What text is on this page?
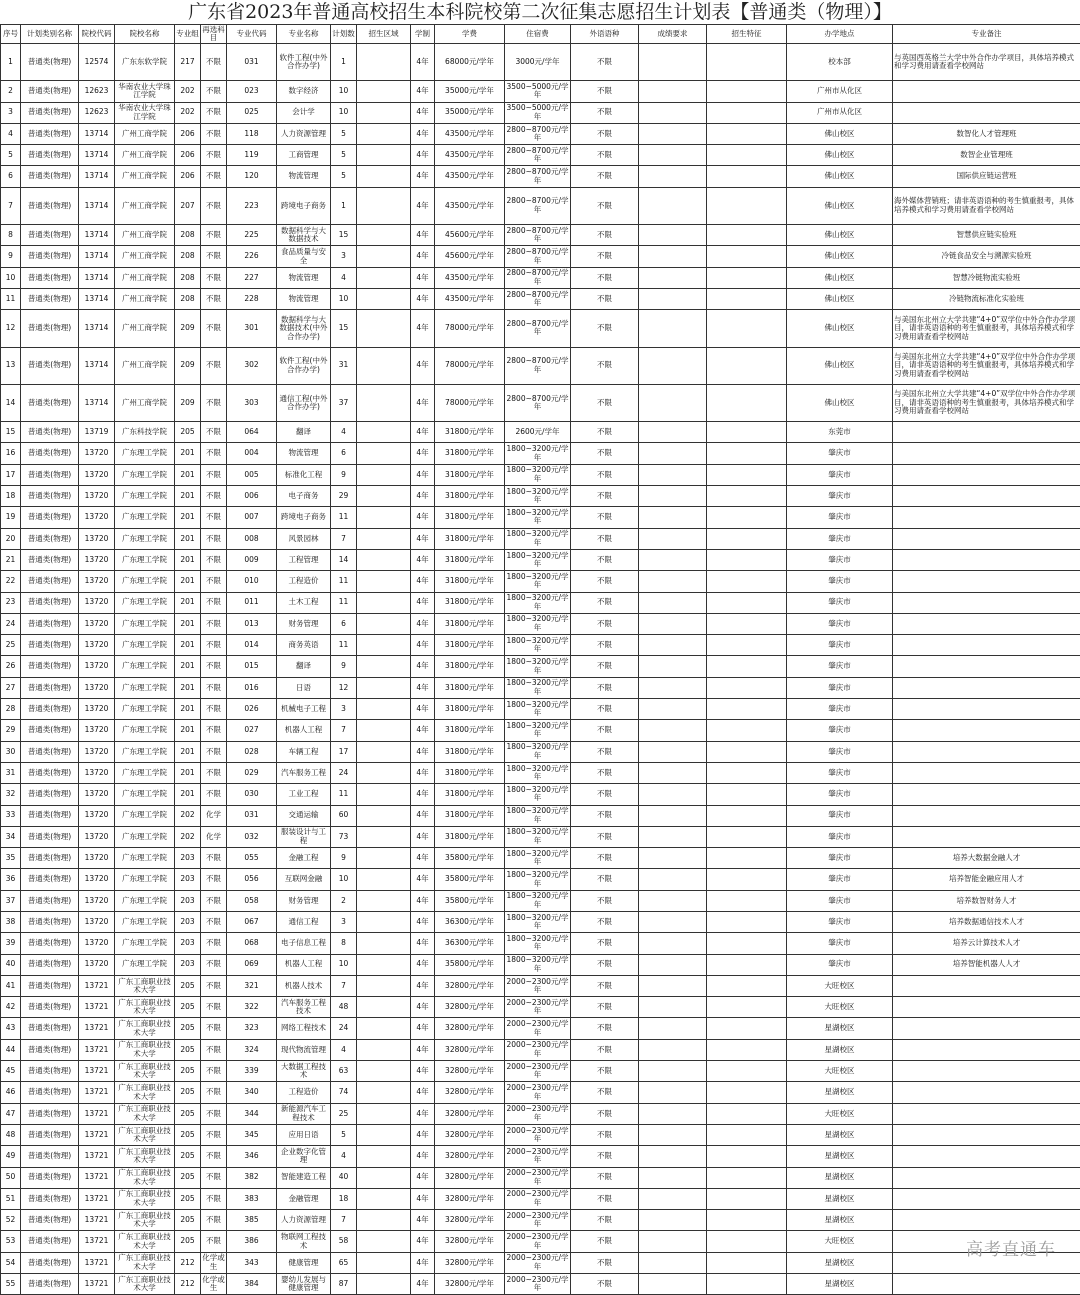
广东省2023年普通高校招生本科院校第二次征集志愿招生计划表【普通类（物理）】
序号	计划类别名称	院校代码	院校名称	专业组	再选科目	专业代码	专业名称	计划数	招生区域	学制	学费	住宿费	外语语种	成绩要求	招生特征	办学地点	专业备注
1	普通类(物理)	12574	广东东软学院	217	不限	031	软件工程(中外合作办学)	1		4年	68000元/学年	3000元/学年	不限			校本部	与英国西英格兰大学中外合作办学项目，具体培养模式和学习费用请查看学校网站
2	普通类(物理)	12623	华南农业大学珠江学院	202	不限	023	数字经济	10		4年	35000元/学年	3500~5000元/学年	不限			广州市从化区	
3	普通类(物理)	12623	华南农业大学珠江学院	202	不限	025	会计学	10		4年	35000元/学年	3500~5000元/学年	不限			广州市从化区	
4	普通类(物理)	13714	广州工商学院	206	不限	118	人力资源管理	5		4年	43500元/学年	2800~8700元/学年	不限			佛山校区	数智化人才管理班
5	普通类(物理)	13714	广州工商学院	206	不限	119	工商管理	5		4年	43500元/学年	2800~8700元/学年	不限			佛山校区	数智企业管理班
6	普通类(物理)	13714	广州工商学院	206	不限	120	物流管理	5		4年	43500元/学年	2800~8700元/学年	不限			佛山校区	国际供应链运营班
7	普通类(物理)	13714	广州工商学院	207	不限	223	跨境电子商务	1		4年	43500元/学年	2800~8700元/学年	不限			佛山校区	海外媒体营销班；请非英语语种的考生慎重报考，具体培养模式和学习费用请查看学校网站
8	普通类(物理)	13714	广州工商学院	208	不限	225	数据科学与大数据技术	15		4年	45600元/学年	2800~8700元/学年	不限			佛山校区	智慧供应链实验班
9	普通类(物理)	13714	广州工商学院	208	不限	226	食品质量与安全	3		4年	45600元/学年	2800~8700元/学年	不限			佛山校区	冷链食品安全与溯源实验班
10	普通类(物理)	13714	广州工商学院	208	不限	227	物流管理	4		4年	43500元/学年	2800~8700元/学年	不限			佛山校区	智慧冷链物流实验班
11	普通类(物理)	13714	广州工商学院	208	不限	228	物流管理	10		4年	43500元/学年	2800~8700元/学年	不限			佛山校区	冷链物流标准化实验班
12	普通类(物理)	13714	广州工商学院	209	不限	301	数据科学与大数据技术(中外合作办学)	15		4年	78000元/学年	2800~8700元/学年	不限			佛山校区	与美国东北州立大学共建“4+0”双学位中外合作办学项目，请非英语语种的考生慎重报考，具体培养模式和学习费用请查看学校网站
13	普通类(物理)	13714	广州工商学院	209	不限	302	软件工程(中外合作办学)	31		4年	78000元/学年	2800~8700元/学年	不限			佛山校区	与美国东北州立大学共建“4+0”双学位中外合作办学项目，请非英语语种的考生慎重报考，具体培养模式和学习费用请查看学校网站
14	普通类(物理)	13714	广州工商学院	209	不限	303	通信工程(中外合作办学)	37		4年	78000元/学年	2800~8700元/学年	不限			佛山校区	与美国东北州立大学共建“4+0”双学位中外合作办学项目，请非英语语种的考生慎重报考，具体培养模式和学习费用请查看学校网站
15	普通类(物理)	13719	广东科技学院	205	不限	064	翻译	4		4年	31800元/学年	2600元/学年	不限			东莞市	
16	普通类(物理)	13720	广东理工学院	201	不限	004	物流管理	6		4年	31800元/学年	1800~3200元/学年	不限			肇庆市	
17	普通类(物理)	13720	广东理工学院	201	不限	005	标准化工程	9		4年	31800元/学年	1800~3200元/学年	不限			肇庆市	
18	普通类(物理)	13720	广东理工学院	201	不限	006	电子商务	29		4年	31800元/学年	1800~3200元/学年	不限			肇庆市	
19	普通类(物理)	13720	广东理工学院	201	不限	007	跨境电子商务	11		4年	31800元/学年	1800~3200元/学年	不限			肇庆市	
20	普通类(物理)	13720	广东理工学院	201	不限	008	风景园林	7		4年	31800元/学年	1800~3200元/学年	不限			肇庆市	
21	普通类(物理)	13720	广东理工学院	201	不限	009	工程管理	14		4年	31800元/学年	1800~3200元/学年	不限			肇庆市	
22	普通类(物理)	13720	广东理工学院	201	不限	010	工程造价	11		4年	31800元/学年	1800~3200元/学年	不限			肇庆市	
23	普通类(物理)	13720	广东理工学院	201	不限	011	土木工程	11		4年	31800元/学年	1800~3200元/学年	不限			肇庆市	
24	普通类(物理)	13720	广东理工学院	201	不限	013	财务管理	6		4年	31800元/学年	1800~3200元/学年	不限			肇庆市	
25	普通类(物理)	13720	广东理工学院	201	不限	014	商务英语	11		4年	31800元/学年	1800~3200元/学年	不限			肇庆市	
26	普通类(物理)	13720	广东理工学院	201	不限	015	翻译	9		4年	31800元/学年	1800~3200元/学年	不限			肇庆市	
27	普通类(物理)	13720	广东理工学院	201	不限	016	日语	12		4年	31800元/学年	1800~3200元/学年	不限			肇庆市	
28	普通类(物理)	13720	广东理工学院	201	不限	026	机械电子工程	3		4年	31800元/学年	1800~3200元/学年	不限			肇庆市	
29	普通类(物理)	13720	广东理工学院	201	不限	027	机器人工程	7		4年	31800元/学年	1800~3200元/学年	不限			肇庆市	
30	普通类(物理)	13720	广东理工学院	201	不限	028	车辆工程	17		4年	31800元/学年	1800~3200元/学年	不限			肇庆市	
31	普通类(物理)	13720	广东理工学院	201	不限	029	汽车服务工程	24		4年	31800元/学年	1800~3200元/学年	不限			肇庆市	
32	普通类(物理)	13720	广东理工学院	201	不限	030	工业工程	11		4年	31800元/学年	1800~3200元/学年	不限			肇庆市	
33	普通类(物理)	13720	广东理工学院	202	化学	031	交通运输	60		4年	31800元/学年	1800~3200元/学年	不限			肇庆市	
34	普通类(物理)	13720	广东理工学院	202	化学	032	服装设计与工程	73		4年	31800元/学年	1800~3200元/学年	不限			肇庆市	
35	普通类(物理)	13720	广东理工学院	203	不限	055	金融工程	9		4年	35800元/学年	1800~3200元/学年	不限			肇庆市	培养大数据金融人才
36	普通类(物理)	13720	广东理工学院	203	不限	056	互联网金融	10		4年	35800元/学年	1800~3200元/学年	不限			肇庆市	培养智能金融应用人才
37	普通类(物理)	13720	广东理工学院	203	不限	058	财务管理	2		4年	35800元/学年	1800~3200元/学年	不限			肇庆市	培养数智财务人才
38	普通类(物理)	13720	广东理工学院	203	不限	067	通信工程	3		4年	36300元/学年	1800~3200元/学年	不限			肇庆市	培养数据通信技术人才
39	普通类(物理)	13720	广东理工学院	203	不限	068	电子信息工程	8		4年	36300元/学年	1800~3200元/学年	不限			肇庆市	培养云计算技术人才
40	普通类(物理)	13720	广东理工学院	203	不限	069	机器人工程	10		4年	35800元/学年	1800~3200元/学年	不限			肇庆市	培养智能机器人人才
41	普通类(物理)	13721	广东工商职业技术大学	205	不限	321	机器人技术	7		4年	32800元/学年	2000~2300元/学年	不限			大旺校区	
42	普通类(物理)	13721	广东工商职业技术大学	205	不限	322	汽车服务工程技术	48		4年	32800元/学年	2000~2300元/学年	不限			大旺校区	
43	普通类(物理)	13721	广东工商职业技术大学	205	不限	323	网络工程技术	24		4年	32800元/学年	2000~2300元/学年	不限			星湖校区	
44	普通类(物理)	13721	广东工商职业技术大学	205	不限	324	现代物流管理	4		4年	32800元/学年	2000~2300元/学年	不限			星湖校区	
45	普通类(物理)	13721	广东工商职业技术大学	205	不限	339	大数据工程技术	63		4年	32800元/学年	2000~2300元/学年	不限			大旺校区	
46	普通类(物理)	13721	广东工商职业技术大学	205	不限	340	工程造价	74		4年	32800元/学年	2000~2300元/学年	不限			星湖校区	
47	普通类(物理)	13721	广东工商职业技术大学	205	不限	344	新能源汽车工程技术	25		4年	32800元/学年	2000~2300元/学年	不限			大旺校区	
48	普通类(物理)	13721	广东工商职业技术大学	205	不限	345	应用日语	5		4年	32800元/学年	2000~2300元/学年	不限			星湖校区	
49	普通类(物理)	13721	广东工商职业技术大学	205	不限	346	企业数字化管理	4		4年	32800元/学年	2000~2300元/学年	不限			星湖校区	
50	普通类(物理)	13721	广东工商职业技术大学	205	不限	382	智能建造工程	40		4年	32800元/学年	2000~2300元/学年	不限			星湖校区	
51	普通类(物理)	13721	广东工商职业技术大学	205	不限	383	金融管理	18		4年	32800元/学年	2000~2300元/学年	不限			星湖校区	
52	普通类(物理)	13721	广东工商职业技术大学	205	不限	385	人力资源管理	7		4年	32800元/学年	2000~2300元/学年	不限			星湖校区	
53	普通类(物理)	13721	广东工商职业技术大学	205	不限	386	物联网工程技术	58		4年	32800元/学年	2000~2300元/学年	不限			大旺校区	
54	普通类(物理)	13721	广东工商职业技术大学	212	化学或生	343	健康管理	65		4年	32800元/学年	2000~2300元/学年	不限			星湖校区	
55	普通类(物理)	13721	广东工商职业技术大学	212	化学或生	384	婴幼儿发展与健康管理	87		4年	32800元/学年	2000~2300元/学年	不限			星湖校区	
高考直通车
